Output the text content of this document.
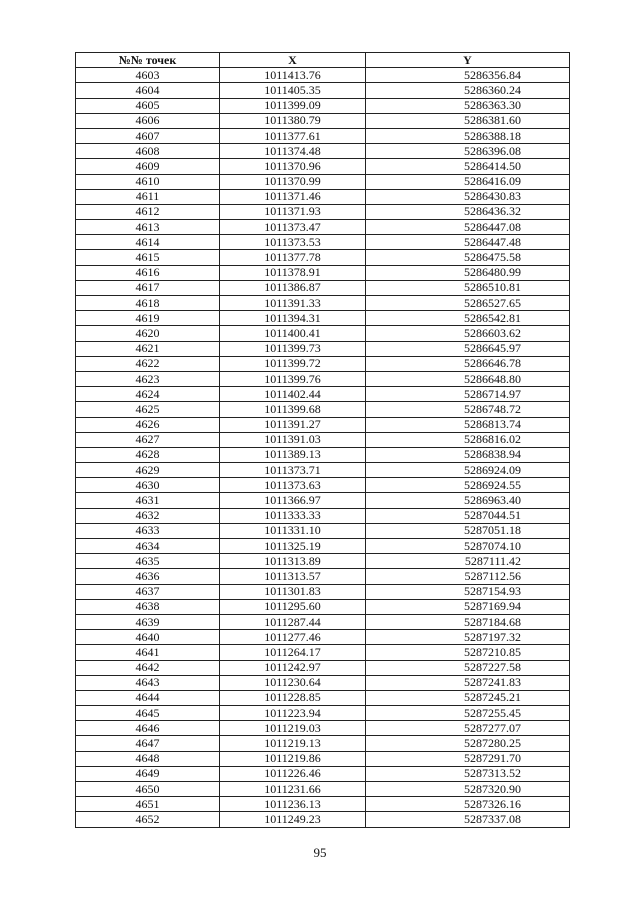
№№ точек	X	Y
4603	1011413.76	5286356.84
4604	1011405.35	5286360.24
4605	1011399.09	5286363.30
4606	1011380.79	5286381.60
4607	1011377.61	5286388.18
4608	1011374.48	5286396.08
4609	1011370.96	5286414.50
4610	1011370.99	5286416.09
4611	1011371.46	5286430.83
4612	1011371.93	5286436.32
4613	1011373.47	5286447.08
4614	1011373.53	5286447.48
4615	1011377.78	5286475.58
4616	1011378.91	5286480.99
4617	1011386.87	5286510.81
4618	1011391.33	5286527.65
4619	1011394.31	5286542.81
4620	1011400.41	5286603.62
4621	1011399.73	5286645.97
4622	1011399.72	5286646.78
4623	1011399.76	5286648.80
4624	1011402.44	5286714.97
4625	1011399.68	5286748.72
4626	1011391.27	5286813.74
4627	1011391.03	5286816.02
4628	1011389.13	5286838.94
4629	1011373.71	5286924.09
4630	1011373.63	5286924.55
4631	1011366.97	5286963.40
4632	1011333.33	5287044.51
4633	1011331.10	5287051.18
4634	1011325.19	5287074.10
4635	1011313.89	5287111.42
4636	1011313.57	5287112.56
4637	1011301.83	5287154.93
4638	1011295.60	5287169.94
4639	1011287.44	5287184.68
4640	1011277.46	5287197.32
4641	1011264.17	5287210.85
4642	1011242.97	5287227.58
4643	1011230.64	5287241.83
4644	1011228.85	5287245.21
4645	1011223.94	5287255.45
4646	1011219.03	5287277.07
4647	1011219.13	5287280.25
4648	1011219.86	5287291.70
4649	1011226.46	5287313.52
4650	1011231.66	5287320.90
4651	1011236.13	5287326.16
4652	1011249.23	5287337.08
95
